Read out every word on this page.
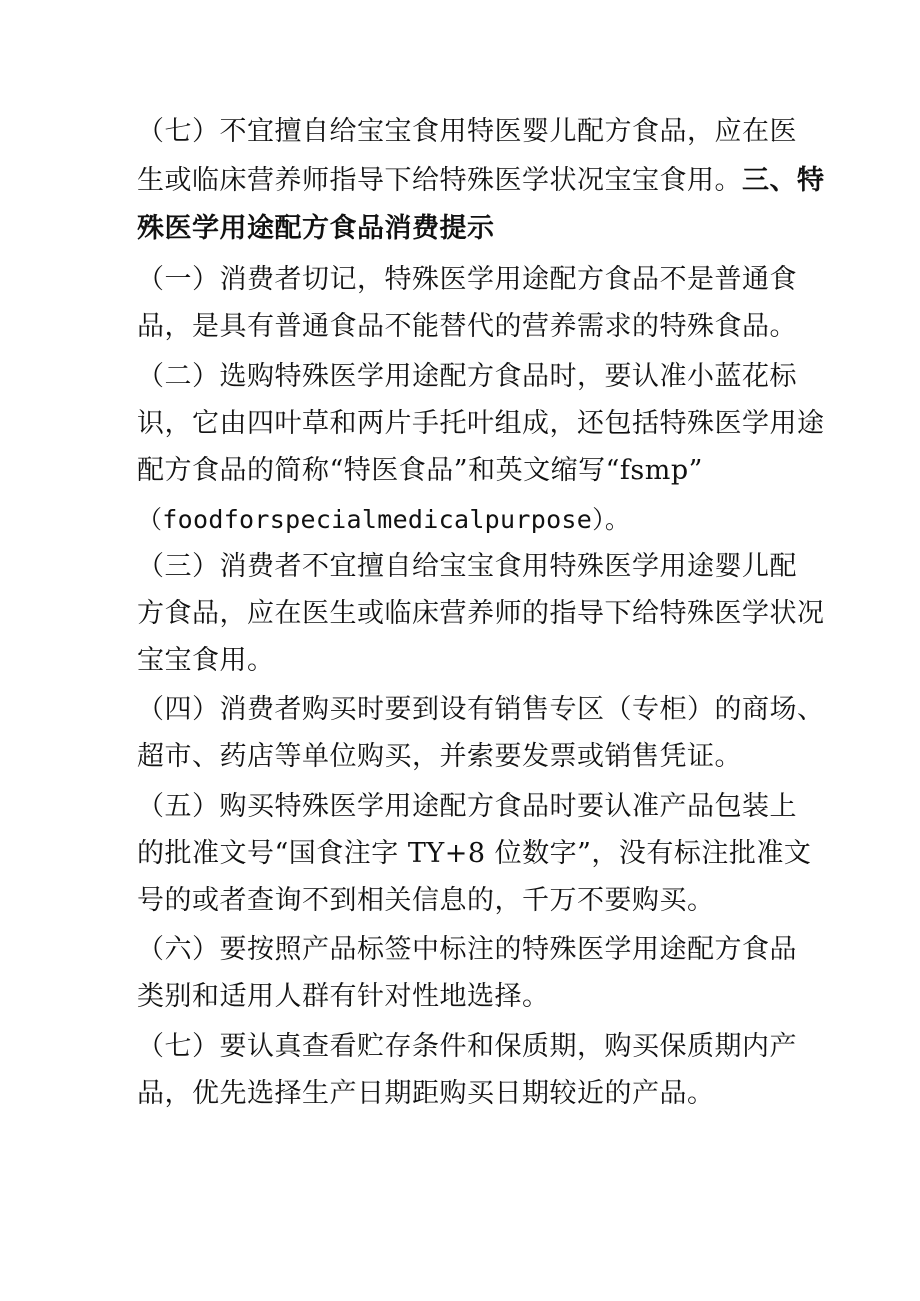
（七）不宜擅自给宝宝食用特医婴儿配方食品，应在医
生或临床营养师指导下给特殊医学状况宝宝食用。三、特
殊医学用途配方食品消费提示
（一）消费者切记，特殊医学用途配方食品不是普通食
品，是具有普通食品不能替代的营养需求的特殊食品。
（二）选购特殊医学用途配方食品时，要认准小蓝花标
识，它由四叶草和两片手托叶组成，还包括特殊医学用途
配方食品的简称“特医食品”和英文缩写“fsmp”
（foodforspecialmedicalpurpose）。
（三）消费者不宜擅自给宝宝食用特殊医学用途婴儿配
方食品，应在医生或临床营养师的指导下给特殊医学状况
宝宝食用。
（四）消费者购买时要到设有销售专区（专柜）的商场、
超市、药店等单位购买，并索要发票或销售凭证。
（五）购买特殊医学用途配方食品时要认准产品包装上
的批准文号“国食注字 TY+8 位数字”，没有标注批准文
号的或者查询不到相关信息的，千万不要购买。
（六）要按照产品标签中标注的特殊医学用途配方食品
类别和适用人群有针对性地选择。
（七）要认真查看贮存条件和保质期，购买保质期内产
品，优先选择生产日期距购买日期较近的产品。
